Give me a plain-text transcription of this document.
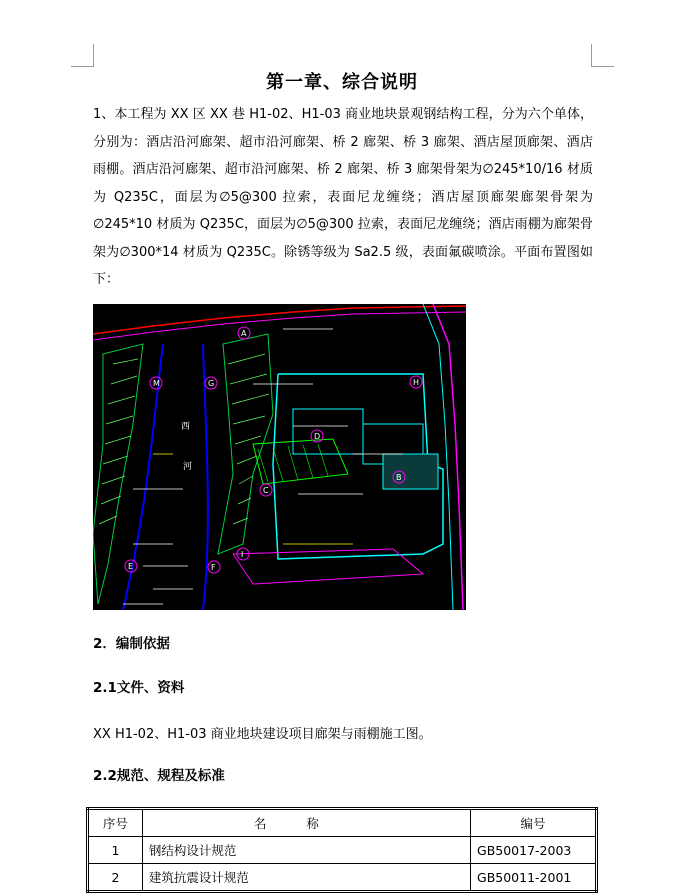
第一章、综合说明

1、本工程为 XX 区 XX 巷 H1-02、H1-03 商业地块景观钢结构工程，分为六个单体，分别为：酒店沿河廊架、超市沿河廊架、桥 2 廊架、桥 3 廊架、酒店屋顶廊架、酒店雨棚。酒店沿河廊架、超市沿河廊架、桥 2 廊架、桥 3 廊架骨架为∅245*10/16 材质为 Q235C，面层为∅5@300 拉索，表面尼龙缠绕；酒店屋顶廊架廊架骨架为∅245*10 材质为 Q235C，面层为∅5@300 拉索，表面尼龙缠绕；酒店雨棚为廊架骨架为∅300*14 材质为 Q235C。除锈等级为 Sa2.5 级，表面氟碳喷涂。平面布置图如下：

西
河
M	G
A
D
C
B
H
F
E
I
2．编制依据
2.1文件、资料
XX H1-02、H1-03 商业地块建设项目廊架与雨棚施工图。
2.2规范、规程及标准
序号	名称	编号
1	钢结构设计规范	GB50017-2003
2	建筑抗震设计规范	GB50011-2001
